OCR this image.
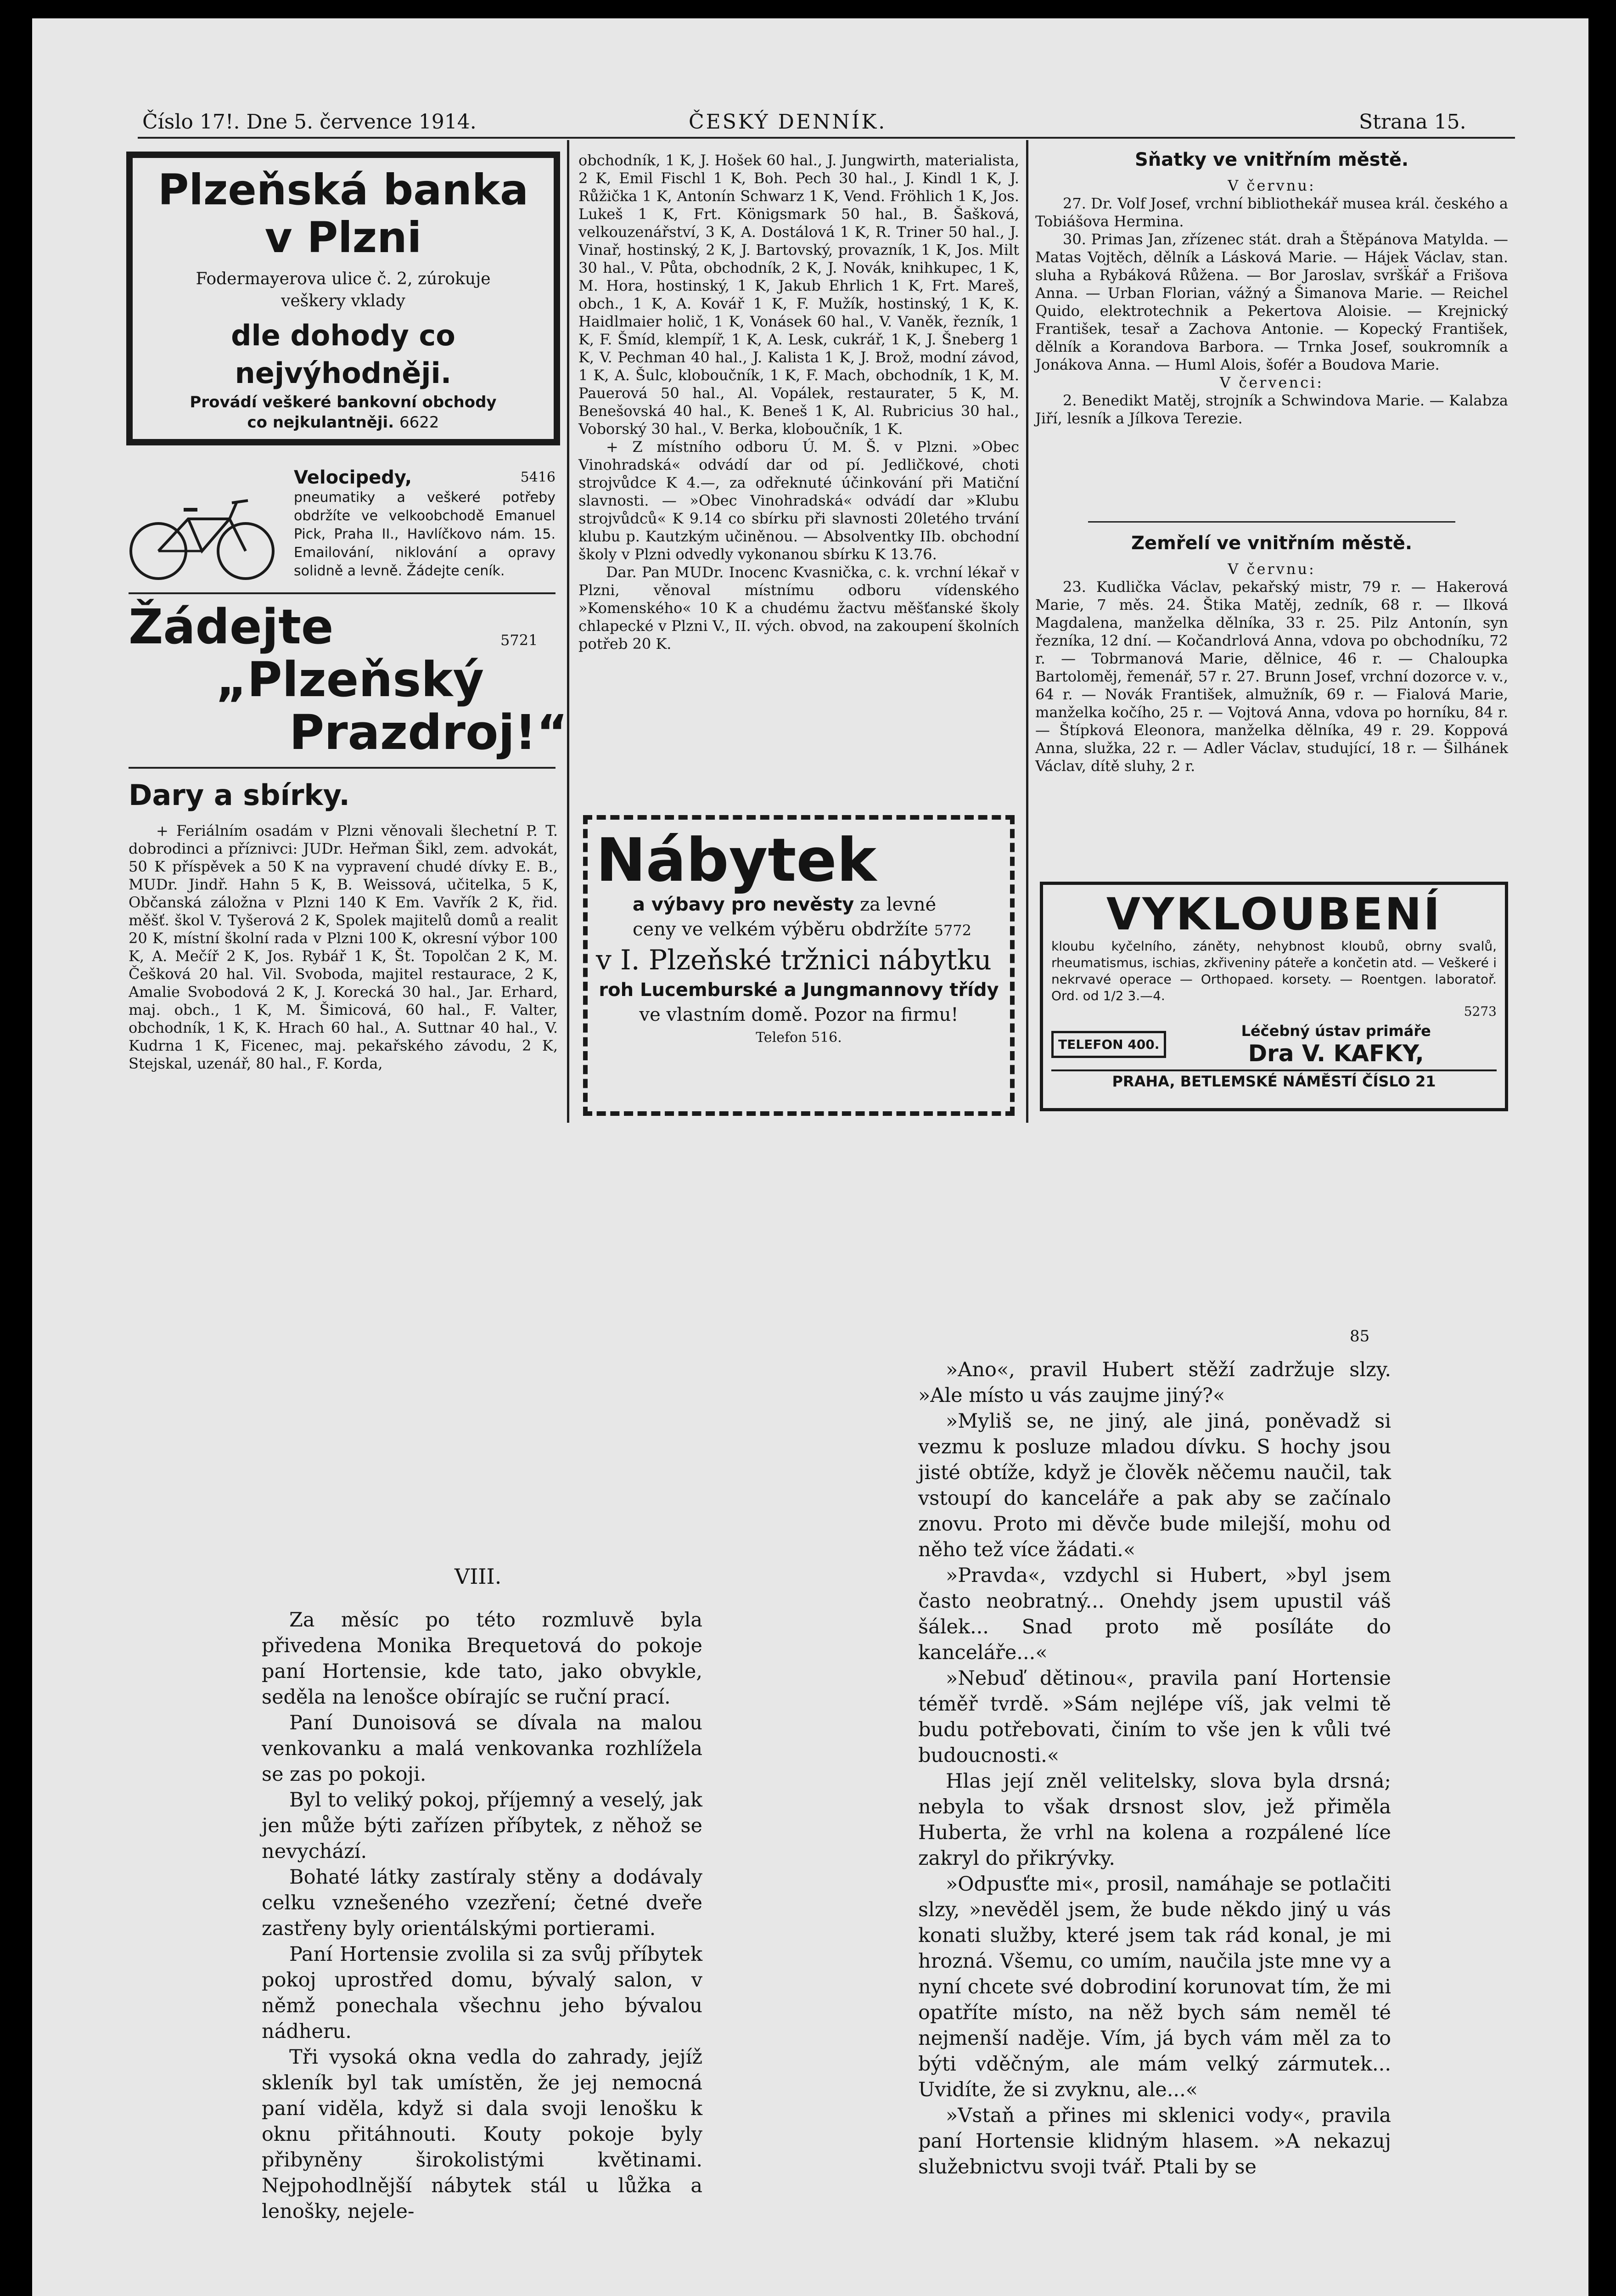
Číslo 17!. Dne 5. července 1914.	ČESKÝ DENNÍK.	Strana 15.
Plzeňská banka
v Plzni
Fodermayerova ulice č. 2, zúrokuje
veškery vklady
dle dohody co nejvýhodněji.
Provádí veškeré bankovní obchody
co nejkulantněji. 6622
Velocipedy,	5416
pneumatiky a veškeré potřeby obdržíte ve velkoobchodě Emanuel Pick, Praha II., Havlíčkovo nám. 15. Emailování, niklování a opravy solidně a levně. Žádejte ceník.
Žádejte	5721
„Plzeňský
Prazdroj!“
Dary a sbírky.

+ Feriálním osadám v Plzni věnovali šlechetní P. T. dobrodinci a příznivci: JUDr. Heřman Šikl, zem. advokát, 50 K příspěvek a 50 K na vypravení chudé dívky E. B., MUDr. Jindř. Hahn 5 K, B. Weissová, učitelka, 5 K, Občanská záložna v Plzni 140 K Em. Vavřík 2 K, řid. měšť. škol V. Tyšerová 2 K, Spolek majitelů domů a realit 20 K, místní školní rada v Plzni 100 K, okresní výbor 100 K, A. Mečíř 2 K, Jos. Rybář 1 K, Št. Topolčan 2 K, M. Češková 20 hal. Vil. Svoboda, majitel restaurace, 2 K, Amalie Svobodová 2 K, J. Korecká 30 hal., Jar. Erhard, maj. obch., 1 K, M. Šimicová, 60 hal., F. Valter, obchodník, 1 K, K. Hrach 60 hal., A. Suttnar 40 hal., V. Kudrna 1 K, Ficenec, maj. pekařského závodu, 2 K, Stejskal, uzenář, 80 hal., F. Korda,

obchodník, 1 K, J. Hošek 60 hal., J. Jungwirth, materialista, 2 K, Emil Fischl 1 K, Boh. Pech 30 hal., J. Kindl 1 K, J. Růžička 1 K, Antonín Schwarz 1 K, Vend. Fröhlich 1 K, Jos. Lukeš 1 K, Frt. Königsmark 50 hal., B. Šašková, velkouzenářství, 3 K, A. Dostálová 1 K, R. Triner 50 hal., J. Vinař, hostinský, 2 K, J. Bartovský, provazník, 1 K, Jos. Milt 30 hal., V. Půta, obchodník, 2 K, J. Novák, knihkupec, 1 K, M. Hora, hostinský, 1 K, Jakub Ehrlich 1 K, Frt. Mareš, obch., 1 K, A. Kovář 1 K, F. Mužík, hostinský, 1 K, K. Haidlmaier holič, 1 K, Vonásek 60 hal., V. Vaněk, řezník, 1 K, F. Šmíd, klempíř, 1 K, A. Lesk, cukrář, 1 K, J. Šneberg 1 K, V. Pechman 40 hal., J. Kalista 1 K, J. Brož, modní závod, 1 K, A. Šulc, kloboučník, 1 K, F. Mach, obchodník, 1 K, M. Pauerová 50 hal., Al. Vopálek, restaurater, 5 K, M. Benešovská 40 hal., K. Beneš 1 K, Al. Rubricius 30 hal., Voborský 30 hal., V. Berka, kloboučník, 1 K.

+ Z místního odboru Ú. M. Š. v Plzni. »Obec Vinohradská« odvádí dar od pí. Jedličkové, choti strojvůdce K 4.—, za odřeknuté účinkování při Matiční slavnosti. — »Obec Vinohradská« odvádí dar »Klubu strojvůdců« K 9.14 co sbírku při slavnosti 20letého trvání klubu p. Kautzkým učiněnou. — Absolventky IIb. obchodní školy v Plzni odvedly vykonanou sbírku K 13.76.

Dar. Pan MUDr. Inocenc Kvasnička, c. k. vrchní lékař v Plzni, věnoval místnímu odboru vídenského »Komenského« 10 K a chudému žactvu měšťanské školy chlapecké v Plzni V., II. vých. obvod, na zakoupení školních potřeb 20 K.

Nábytek
a výbavy pro nevěsty za levné
ceny ve velkém výběru obdržíte 5772
v I. Plzeňské tržnici nábytku
roh Lucemburské a Jungmannovy třídy
ve vlastním domě. Pozor na firmu!
Telefon 516.
Sňatky ve vnitřním městě.
V červnu:

27. Dr. Volf Josef, vrchní bibliothekář musea král. českého a Tobiášova Hermina.

30. Primas Jan, zřízenec stát. drah a Štěpánova Matylda. — Matas Vojtěch, dělník a Lásková Marie. — Hájek Václav, stan. sluha a Rybáková Růžena. — Bor Jaroslav, svršk̈ář a Frišova Anna. — Urban Florian, vážný a Šimanova Marie. — Reichel Quido, elektrotechnik a Pekertova Aloisie. — Krejnický František, tesař a Zachova Antonie. — Kopecký František, dělník a Korandova Barbora. — Trnka Josef, soukromník a Jonákova Anna. — Huml Alois, šofér a Boudova Marie.

V červenci:

2. Benedikt Matěj, strojník a Schwindova Marie. — Kalabza Jiří, lesník a Jílkova Terezie.

Zemřelí ve vnitřním městě.
V červnu:

23. Kudlička Václav, pekařský mistr, 79 r. — Hakerová Marie, 7 měs. 24. Štika Matěj, zedník, 68 r. — Ilková Magdalena, manželka dělníka, 33 r. 25. Pilz Antonín, syn řezníka, 12 dní. — Kočandrlová Anna, vdova po obchodníku, 72 r. — Tobrmanová Marie, dělnice, 46 r. — Chaloupka Bartoloměj, řemenář, 57 r. 27. Brunn Josef, vrchní dozorce v. v., 64 r. — Novák František, almužník, 69 r. — Fialová Marie, manželka kočího, 25 r. — Vojtová Anna, vdova po horníku, 84 r. — Štípková Eleonora, manželka dělníka, 49 r. 29. Koppová Anna, služka, 22 r. — Adler Václav, studující, 18 r. — Šilhánek Václav, dítě sluhy, 2 r.

VYKLOUBENÍ
kloubu kyčelního, záněty, nehybnost kloubů, obrny svalů, rheumatismus, ischias, zkřiveniny páteře a končetin atd. — Veškeré i nekrvavé operace — Orthopaed. korsety. — Roentgen. laboratoř. Ord. od 1/2 3.—4.
5273
TELEFON 400.
Léčebný ústav primáře
Dra V. KAFKY,
PRAHA, BETLEMSKÉ NÁMĚSTÍ ČÍSLO 21
85
VIII.

Za měsíc po této rozmluvě byla přivedena Monika Brequetová do pokoje paní Hortensie, kde tato, jako obvykle, seděla na lenošce obírajíc se ruční prací.

Paní Dunoisová se dívala na malou venkovanku a malá venkovanka rozhlížela se zas po pokoji.

Byl to veliký pokoj, příjemný a veselý, jak jen může býti zařízen příbytek, z něhož se nevychází.

Bohaté látky zastíraly stěny a dodávaly celku vznešeného vzezření; četné dveře zastřeny byly orientálskými portierami.

Paní Hortensie zvolila si za svůj příbytek pokoj uprostřed domu, bývalý salon, v němž ponechala všechnu jeho bývalou nádheru.

Tři vysoká okna vedla do zahrady, jejíž skleník byl tak umístěn, že jej nemocná paní viděla, když si dala svoji lenošku k oknu přitáhnouti. Kouty pokoje byly přibyněny širokolistými květinami. Nejpohodlnější nábytek stál u lůžka a lenošky, nejele-

»Ano«, pravil Hubert stěží zadržuje slzy. »Ale místo u vás zaujme jiný?«

»Myliš se, ne jiný, ale jiná, poněvadž si vezmu k posluze mladou dívku. S hochy jsou jisté obtíže, když je člověk něčemu naučil, tak vstoupí do kanceláře a pak aby se začínalo znovu. Proto mi děvče bude milejší, mohu od něho tež více žádati.«

»Pravda«, vzdychl si Hubert, »byl jsem často neobratný... Onehdy jsem upustil váš šálek... Snad proto mě posíláte do kanceláře...«

»Nebuď dětinou«, pravila paní Hortensie téměř tvrdě. »Sám nejlépe víš, jak velmi tě budu potřebovati, činím to vše jen k vůli tvé budoucnosti.«

Hlas její zněl velitelsky, slova byla drsná; nebyla to však drsnost slov, jež přiměla Huberta, že vrhl na kolena a rozpálené líce zakryl do přikrývky.

»Odpusťte mi«, prosil, namáhaje se potlačiti slzy, »nevěděl jsem, že bude někdo jiný u vás konati služby, které jsem tak rád konal, je mi hrozná. Všemu, co umím, naučila jste mne vy a nyní chcete své dobrodiní korunovat tím, že mi opatříte místo, na něž bych sám neměl té nejmenší naděje. Vím, já bych vám měl za to býti vděčným, ale mám velký zármutek... Uvidíte, že si zvyknu, ale...«

»Vstaň a přines mi sklenici vody«, pravila paní Hortensie klidným hlasem. »A nekazuj služebnictvu svoji tvář. Ptali by se
